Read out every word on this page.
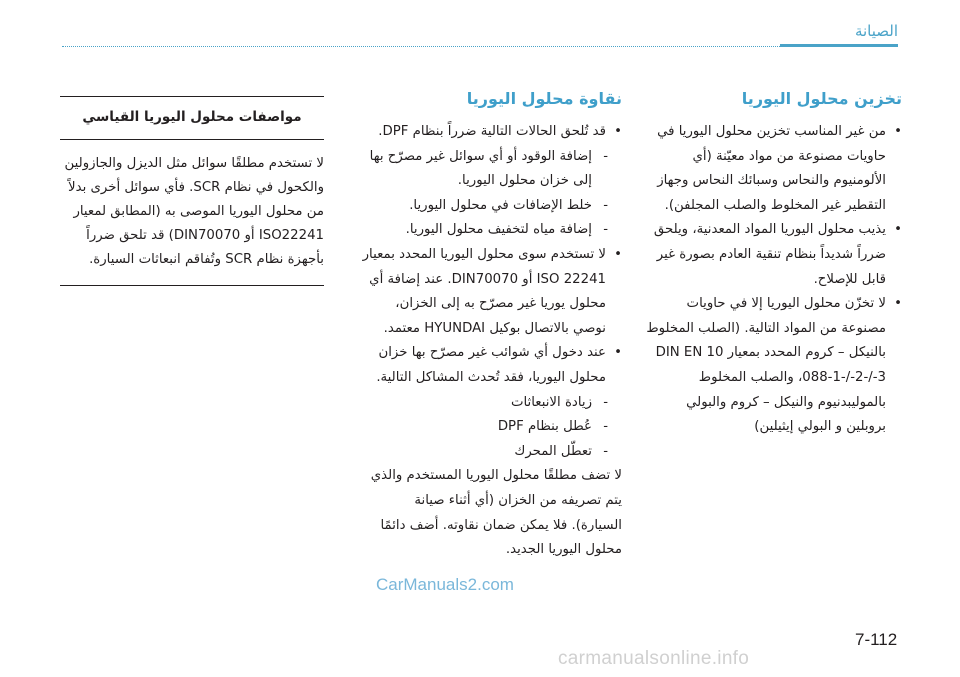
الصيانة
تخزين محلول اليوريا
• من غير المناسب تخزين محلول اليوريا في حاويات مصنوعة من مواد معيّنة (أي الألومنيوم والنحاس وسبائك النحاس وجهاز التقطير غير المخلوط والصلب المجلفن).
• يذيب محلول اليوريا المواد المعدنية، ويلحق ضرراً شديداً بنظام تنقية العادم بصورة غير قابل للإصلاح.
• لا تخزّن محلول اليوريا إلا في حاويات مصنوعة من المواد التالية. (الصلب المخلوط بالنيكل – كروم المحدد بمعيار DIN EN 10 088-1-/-2-/-3، والصلب المخلوط بالموليبدنيوم والنيكل – كروم والبولي بروبلين و البولي إيثيلين)
نقاوة محلول اليوريا
• قد تُلحق الحالات التالية ضرراً بنظام DPF.
- إضافة الوقود أو أي سوائل غير مصرّح بها إلى خزان محلول اليوريا.
- خلط الإضافات في محلول اليوريا.
- إضافة مياه لتخفيف محلول اليوريا.
• لا تستخدم سوى محلول اليوريا المحدد بمعيار ISO 22241 أو DIN70070. عند إضافة أي محلول يوريا غير مصرّح به إلى الخزان، نوصي بالاتصال بوكيل HYUNDAI معتمد.
• عند دخول أي شوائب غير مصرّح بها خزان محلول اليوريا، فقد تُحدث المشاكل التالية.
- زيادة الانبعاثات
- عُطل بنظام DPF
- تعطّل المحرك

لا تضف مطلقًا محلول اليوريا المستخدم والذي يتم تصريفه من الخزان (أي أثناء صيانة السيارة). فلا يمكن ضمان نقاوته. أضف دائمًا محلول اليوريا الجديد.

مواصفات محلول اليوريا القياسي
لا تستخدم مطلقًا سوائل مثل الديزل والجازولين والكحول في نظام SCR. فأي سوائل أخرى بدلاً من محلول اليوريا الموصى به (المطابق لمعيار ISO22241 أو DIN70070) قد تلحق ضرراً بأجهزة نظام SCR وتُفاقم انبعاثات السيارة.
CarManuals2.com
7-112
carmanualsonline.info
